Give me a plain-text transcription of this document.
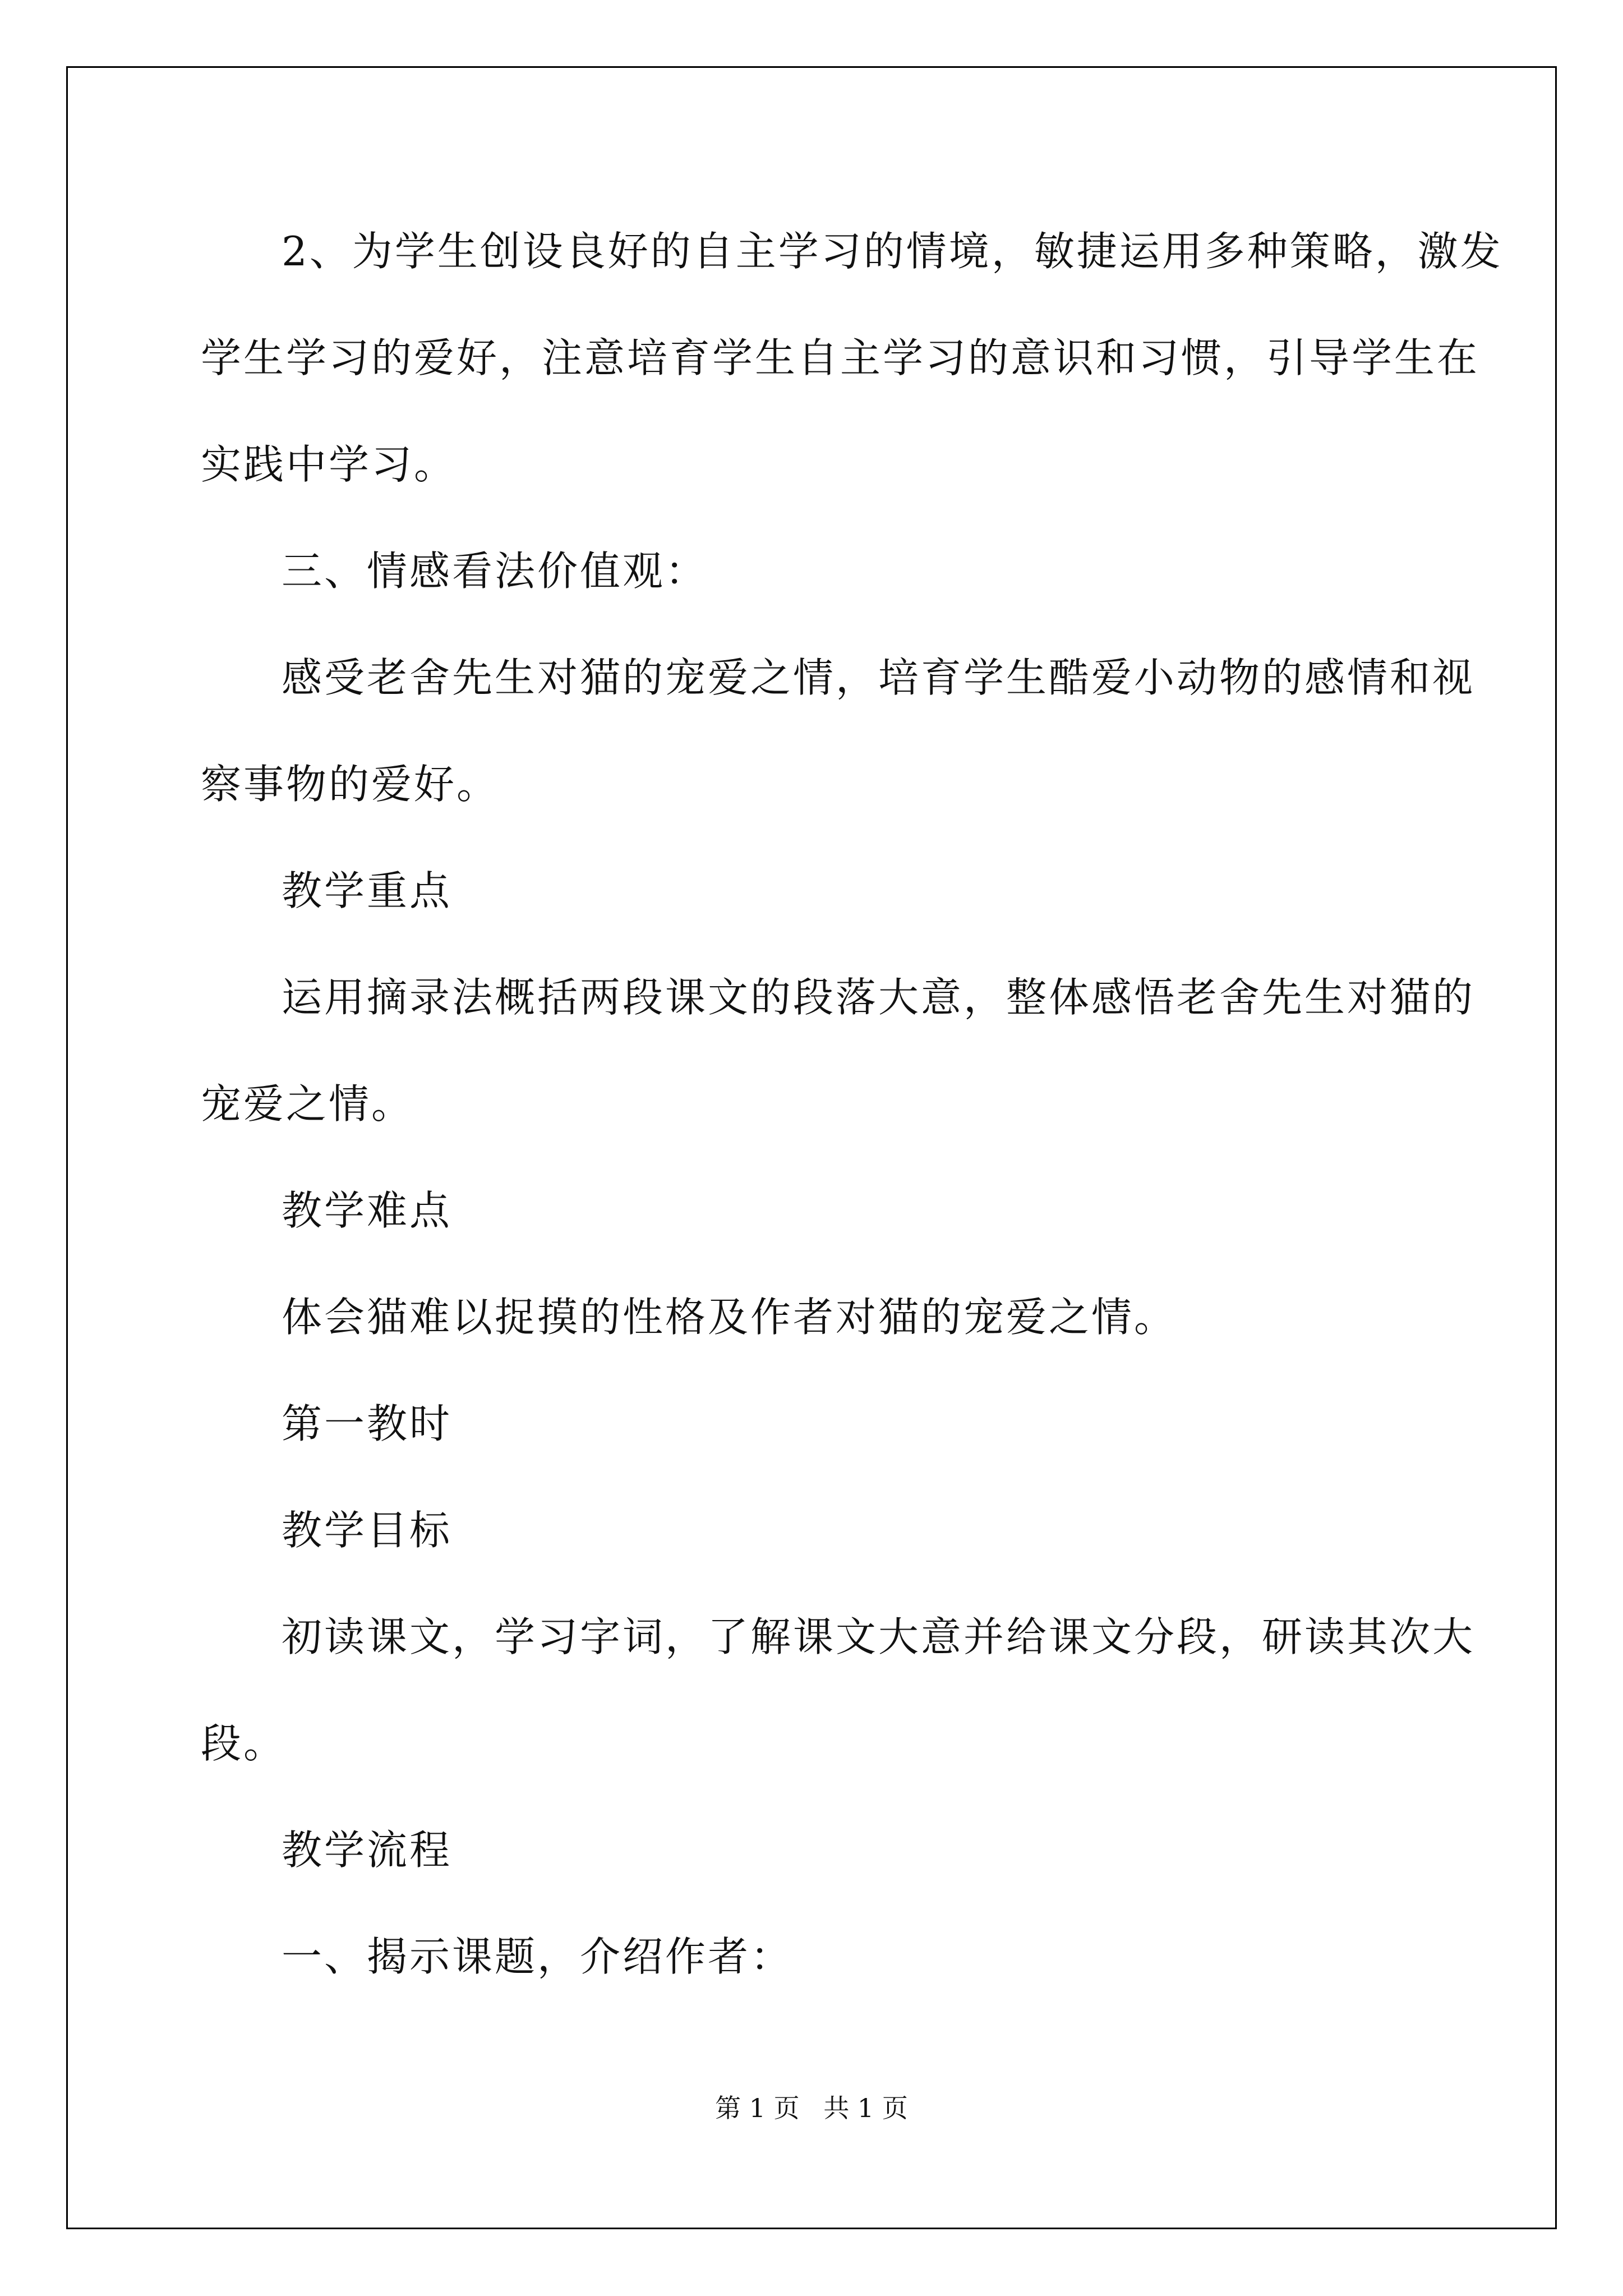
2、为学生创设良好的自主学习的情境，敏捷运用多种策略，激发
学生学习的爱好，注意培育学生自主学习的意识和习惯，引导学生在
实践中学习。
三、情感看法价值观：
感受老舍先生对猫的宠爱之情，培育学生酷爱小动物的感情和视
察事物的爱好。
教学重点
运用摘录法概括两段课文的段落大意，整体感悟老舍先生对猫的
宠爱之情。
教学难点
体会猫难以捉摸的性格及作者对猫的宠爱之情。
第一教时
教学目标
初读课文，学习字词，了解课文大意并给课文分段，研读其次大
段。
教学流程
一、揭示课题，介绍作者：
第 1 页 共 1 页
